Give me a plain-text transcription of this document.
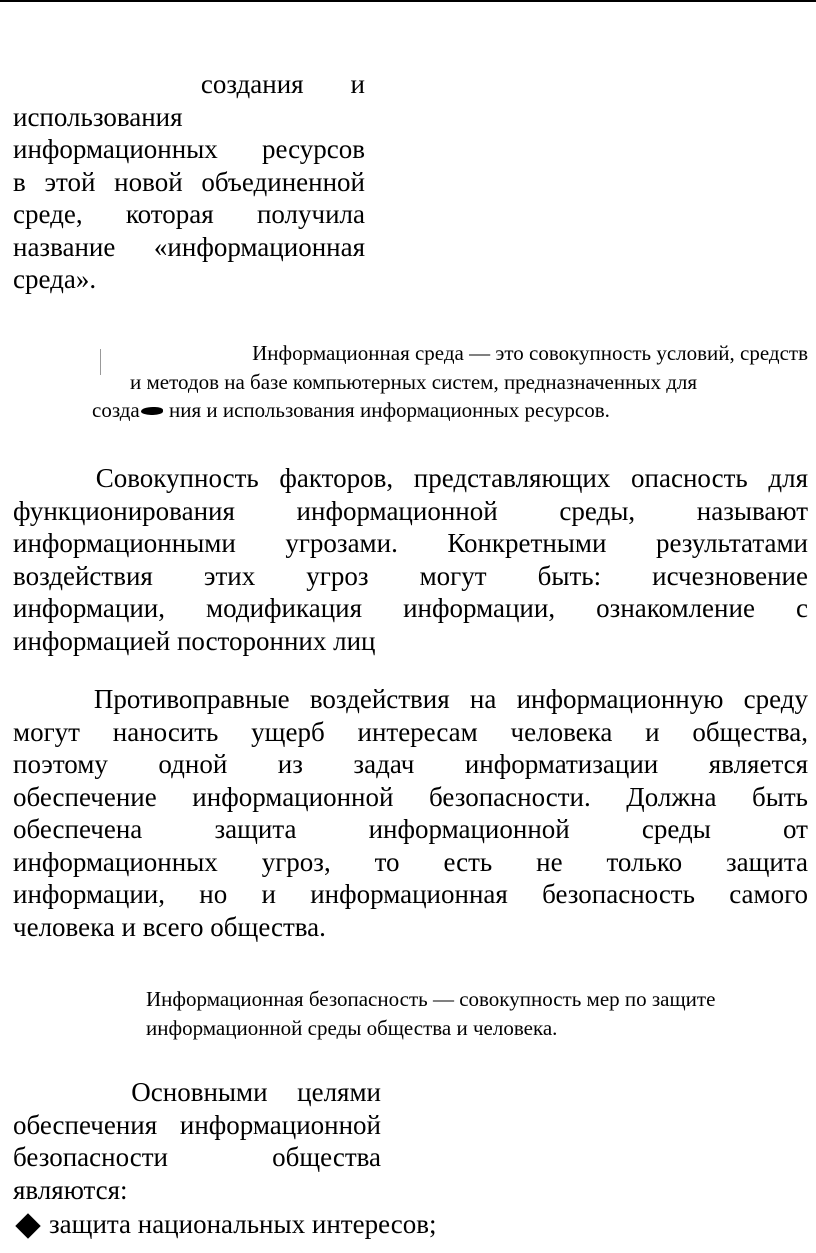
создания и
использования
информационных ресурсов
в этой новой объединенной
среде, которая получила
название «информационная
среда».
Информационная среда — это совокупность условий, средств
и методов на базе компьютерных систем, предназначенных для
созда ния и использования информационных ресурсов.
Совокупность факторов, представляющих опасность для
функционирования информационной среды, называют
информационными угрозами. Конкретными результатами
воздействия этих угроз могут быть: исчезновение
информации, модификация информации, ознакомление с
информацией посторонних лиц
Противоправные воздействия на информационную среду
могут наносить ущерб интересам человека и общества,
поэтому одной из задач информатизации является
обеспечение информационной безопасности. Должна быть
обеспечена защита информационной среды от
информационных угроз, то есть не только защита
информации, но и информационная безопасность самого
человека и всего общества.
Информационная безопасность — совокупность мер по защите
информационной среды общества и человека.
Основными целями
обеспечения информационной
безопасности общества
являются:
защита национальных интересов;
